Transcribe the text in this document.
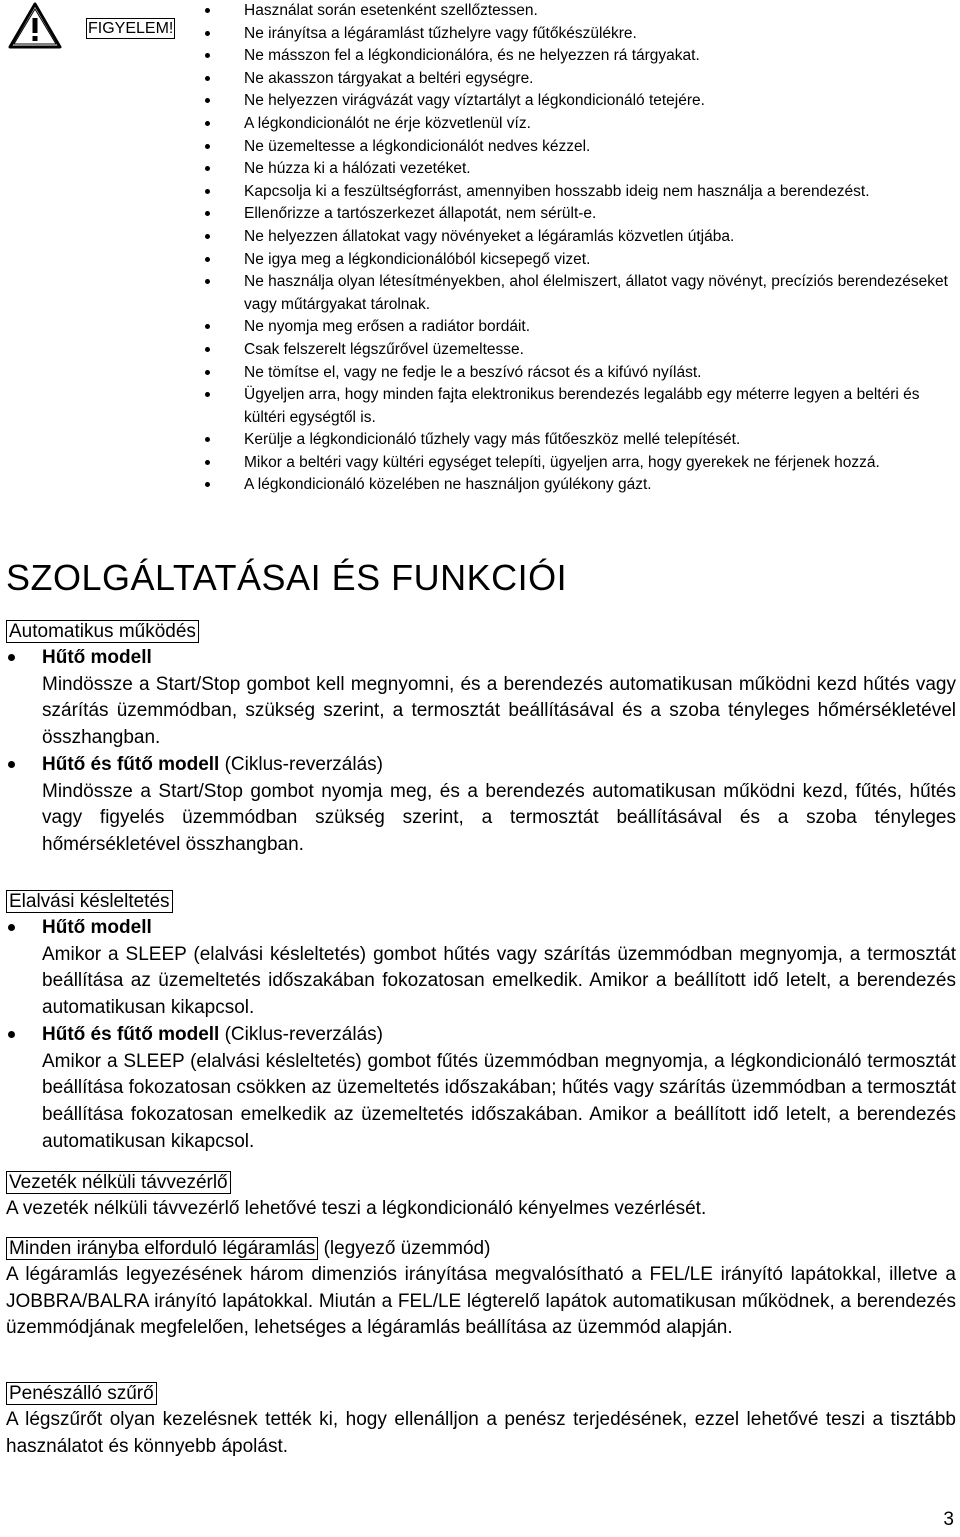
FIGYELEM!
Használat során esetenként szellőztessen.
Ne irányítsa a légáramlást tűzhelyre vagy fűtőkészülékre.
Ne másszon fel a légkondicionálóra, és ne helyezzen rá tárgyakat.
Ne akasszon tárgyakat a beltéri egységre.
Ne helyezzen virágvázát vagy víztartályt a légkondicionáló tetejére.
A légkondicionálót ne érje közvetlenül víz.
Ne üzemeltesse a légkondicionálót nedves kézzel.
Ne húzza ki a hálózati vezetéket.
Kapcsolja ki a feszültségforrást, amennyiben hosszabb ideig nem használja a berendezést.
Ellenőrizze a tartószerkezet állapotát, nem sérült-e.
Ne helyezzen állatokat vagy növényeket a légáramlás közvetlen útjába.
Ne igya meg a légkondicionálóból kicsepegő vizet.
Ne használja olyan létesítményekben, ahol élelmiszert, állatot vagy növényt, precíziós berendezéseket vagy műtárgyakat tárolnak.
Ne nyomja meg erősen a radiátor bordáit.
Csak felszerelt légszűrővel üzemeltesse.
Ne tömítse el, vagy ne fedje le a beszívó rácsot és a kifúvó nyílást.
Ügyeljen arra, hogy minden fajta elektronikus berendezés legalább egy méterre legyen a beltéri és kültéri egységtől is.
Kerülje a légkondicionáló tűzhely vagy más fűtőeszköz mellé telepítését.
Mikor a beltéri vagy kültéri egységet telepíti, ügyeljen arra, hogy gyerekek ne férjenek hozzá.
A légkondicionáló közelében ne használjon gyúlékony gázt.
SZOLGÁLTATÁSAI ÉS FUNKCIÓI
Automatikus működés
Hűtő modell
Mindössze a Start/Stop gombot kell megnyomni, és a berendezés automatikusan működni kezd hűtés vagy szárítás üzemmódban, szükség szerint, a termosztát beállításával és a szoba tényleges hőmérsékletével összhangban.
Hűtő és fűtő modell (Ciklus-reverzálás)
Mindössze a Start/Stop gombot nyomja meg, és a berendezés automatikusan működni kezd, fűtés, hűtés vagy figyelés üzemmódban szükség szerint, a termosztát beállításával és a szoba tényleges hőmérsékletével összhangban.
Elalvási késleltetés
Hűtő modell
Amikor a SLEEP (elalvási késleltetés) gombot hűtés vagy szárítás üzemmódban megnyomja, a termosztát beállítása az üzemeltetés időszakában fokozatosan emelkedik. Amikor a beállított idő letelt, a berendezés automatikusan kikapcsol.
Hűtő és fűtő modell (Ciklus-reverzálás)
Amikor a SLEEP (elalvási késleltetés) gombot fűtés üzemmódban megnyomja, a légkondicionáló termosztát beállítása fokozatosan csökken az üzemeltetés időszakában; hűtés vagy szárítás üzemmódban a termosztát beállítása fokozatosan emelkedik az üzemeltetés időszakában. Amikor a beállított idő letelt, a berendezés automatikusan kikapcsol.
Vezeték nélküli távvezérlő
A vezeték nélküli távvezérlő lehetővé teszi a légkondicionáló kényelmes vezérlését.
Minden irányba elforduló légáramlás (legyező üzemmód)
A légáramlás legyezésének három dimenziós irányítása megvalósítható a FEL/LE irányító lapátokkal, illetve a JOBBRA/BALRA irányító lapátokkal. Miután a FEL/LE légterelő lapátok automatikusan működnek, a berendezés üzemmódjának megfelelően, lehetséges a légáramlás beállítása az üzemmód alapján.
Penészálló szűrő
A légszűrőt olyan kezelésnek tették ki, hogy ellenálljon a penész terjedésének, ezzel lehetővé teszi a tisztább használatot és könnyebb ápolást.
3
